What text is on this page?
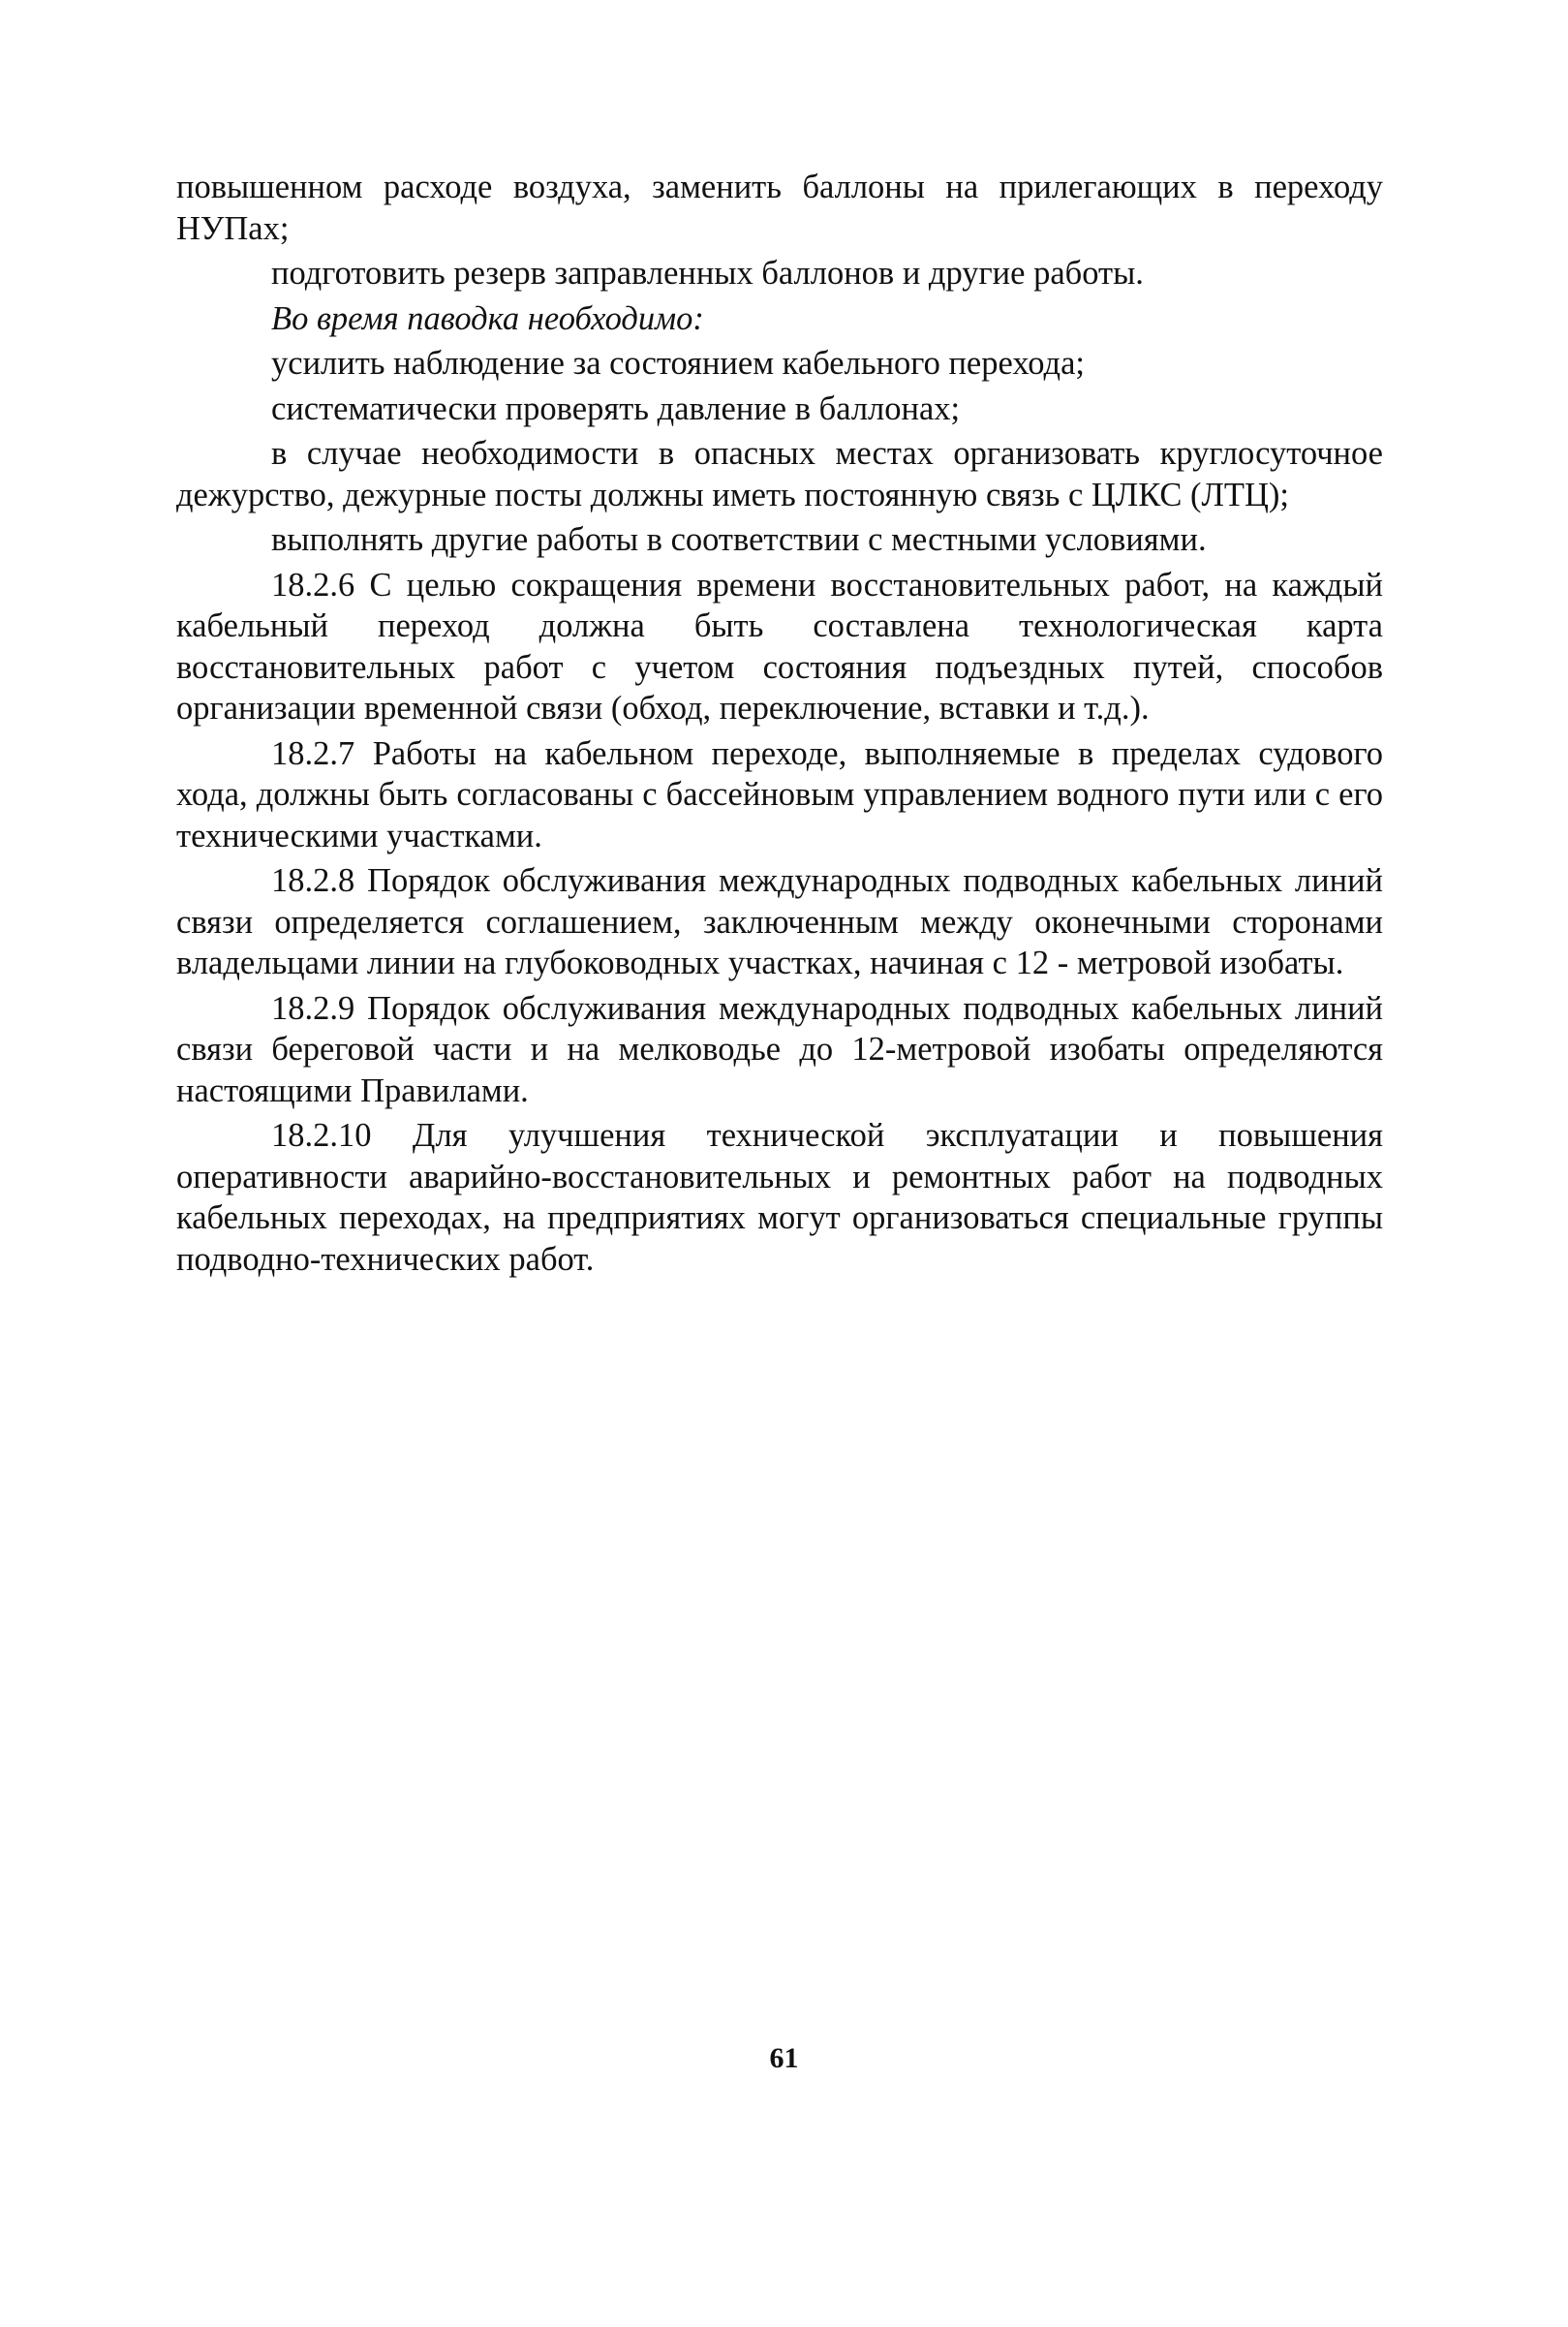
повышенном расходе воздуха, заменить баллоны на прилегающих в переходу НУПах;

подготовить резерв заправленных баллонов и другие работы.

Во время паводка необходимо:

усилить наблюдение за состоянием кабельного перехода;

систематически проверять давление в баллонах;

в случае необходимости в опасных местах организовать круглосуточное дежурство, дежурные посты должны иметь постоянную связь с ЦЛКС (ЛТЦ);

выполнять другие работы в соответствии с местными условиями.

18.2.6 С целью сокращения времени восстановительных работ, на каждый кабельный переход должна быть составлена технологическая карта восстановительных работ с учетом состояния подъездных путей, способов организации временной связи (обход, переключение, вставки и т.д.).

18.2.7 Работы на кабельном переходе, выполняемые в пределах судового хода, должны быть согласованы с бассейновым управлением водного пути или с его техническими участками.

18.2.8 Порядок обслуживания международных подводных кабельных линий связи определяется соглашением, заключенным между оконечными сторонами владельцами линии на глубоководных участках, начиная с 12 - метровой изобаты.

18.2.9 Порядок обслуживания международных подводных кабельных линий связи береговой части и на мелководье до 12-метровой изобаты определяются настоящими Правилами.

18.2.10 Для улучшения технической эксплуатации и повышения оперативности аварийно-восстановительных и ремонтных работ на подводных кабельных переходах, на предприятиях могут организоваться специальные группы подводно-технических работ.

61
